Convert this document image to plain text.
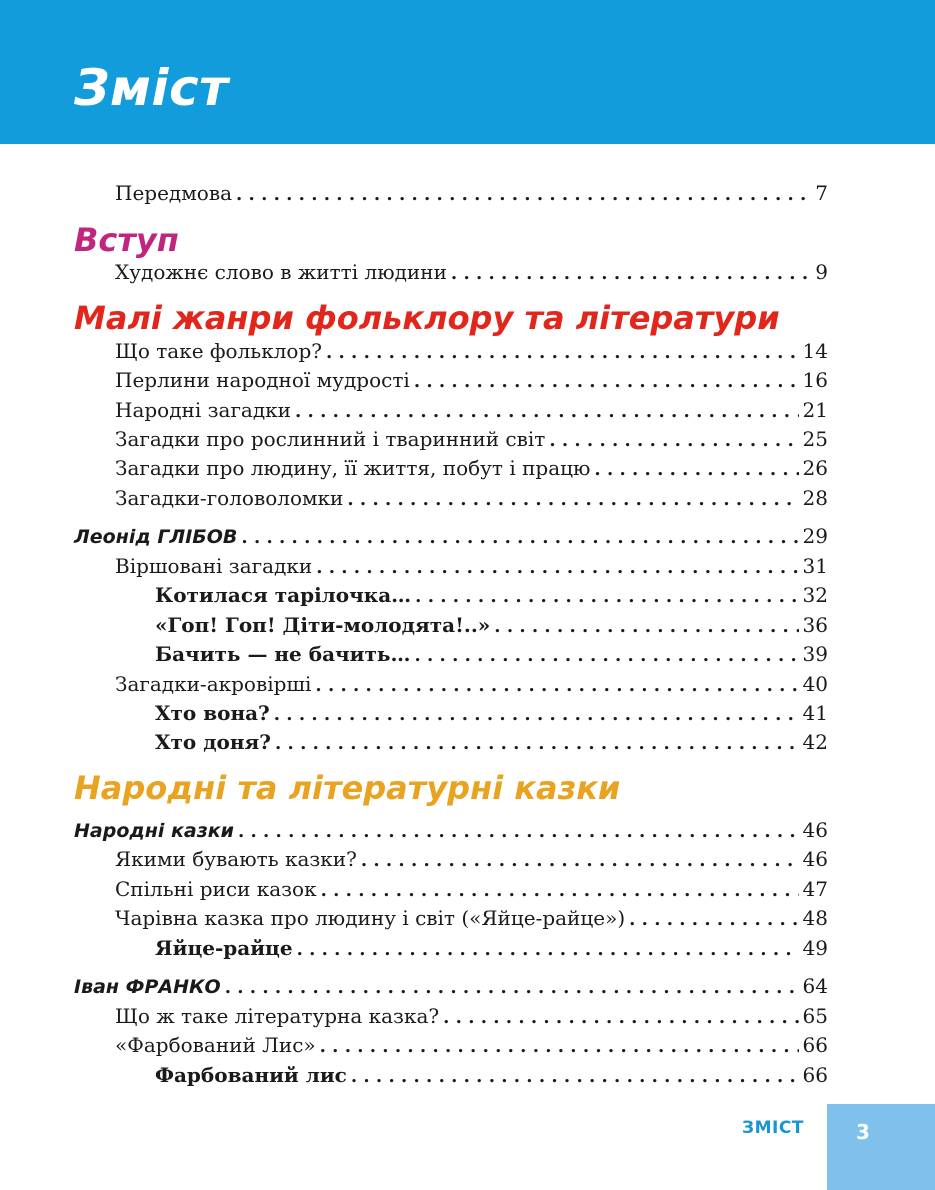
Зміст
Передмова . . .	7
Вступ
Художнє слово в житті людини . . .	9
Малі жанри фольклору та літератури
Що таке фольклор? . . .	14
Перлини народної мудрості . . .	16
Народні загадки . . .	21
Загадки про рослинний і тваринний світ . . .	25
Загадки про людину, її життя, побут і працю . . .	26
Загадки-головоломки . . .	28
Леонід ГЛІБОВ . . .	29
Віршовані загадки . . .	31
Котилася тарілочка… . . .	32
«Гоп! Гоп! Діти-молодята!..» . . .	36
Бачить — не бачить… . . .	39
Загадки-акровірші . . .	40
Хто вона? . . .	41
Хто доня? . . .	42
Народні та літературні казки
Народні казки . . .	46
Якими бувають казки? . . .	46
Спільні риси казок . . .	47
Чарівна казка про людину і світ («Яйце-райце») . . .	48
Яйце-райце . . .	49
Іван ФРАНКО . . .	64
Що ж таке літературна казка? . . .	65
«Фарбований Лис» . . .	66
Фарбований лис . . .	66
ЗМІСТ	3
